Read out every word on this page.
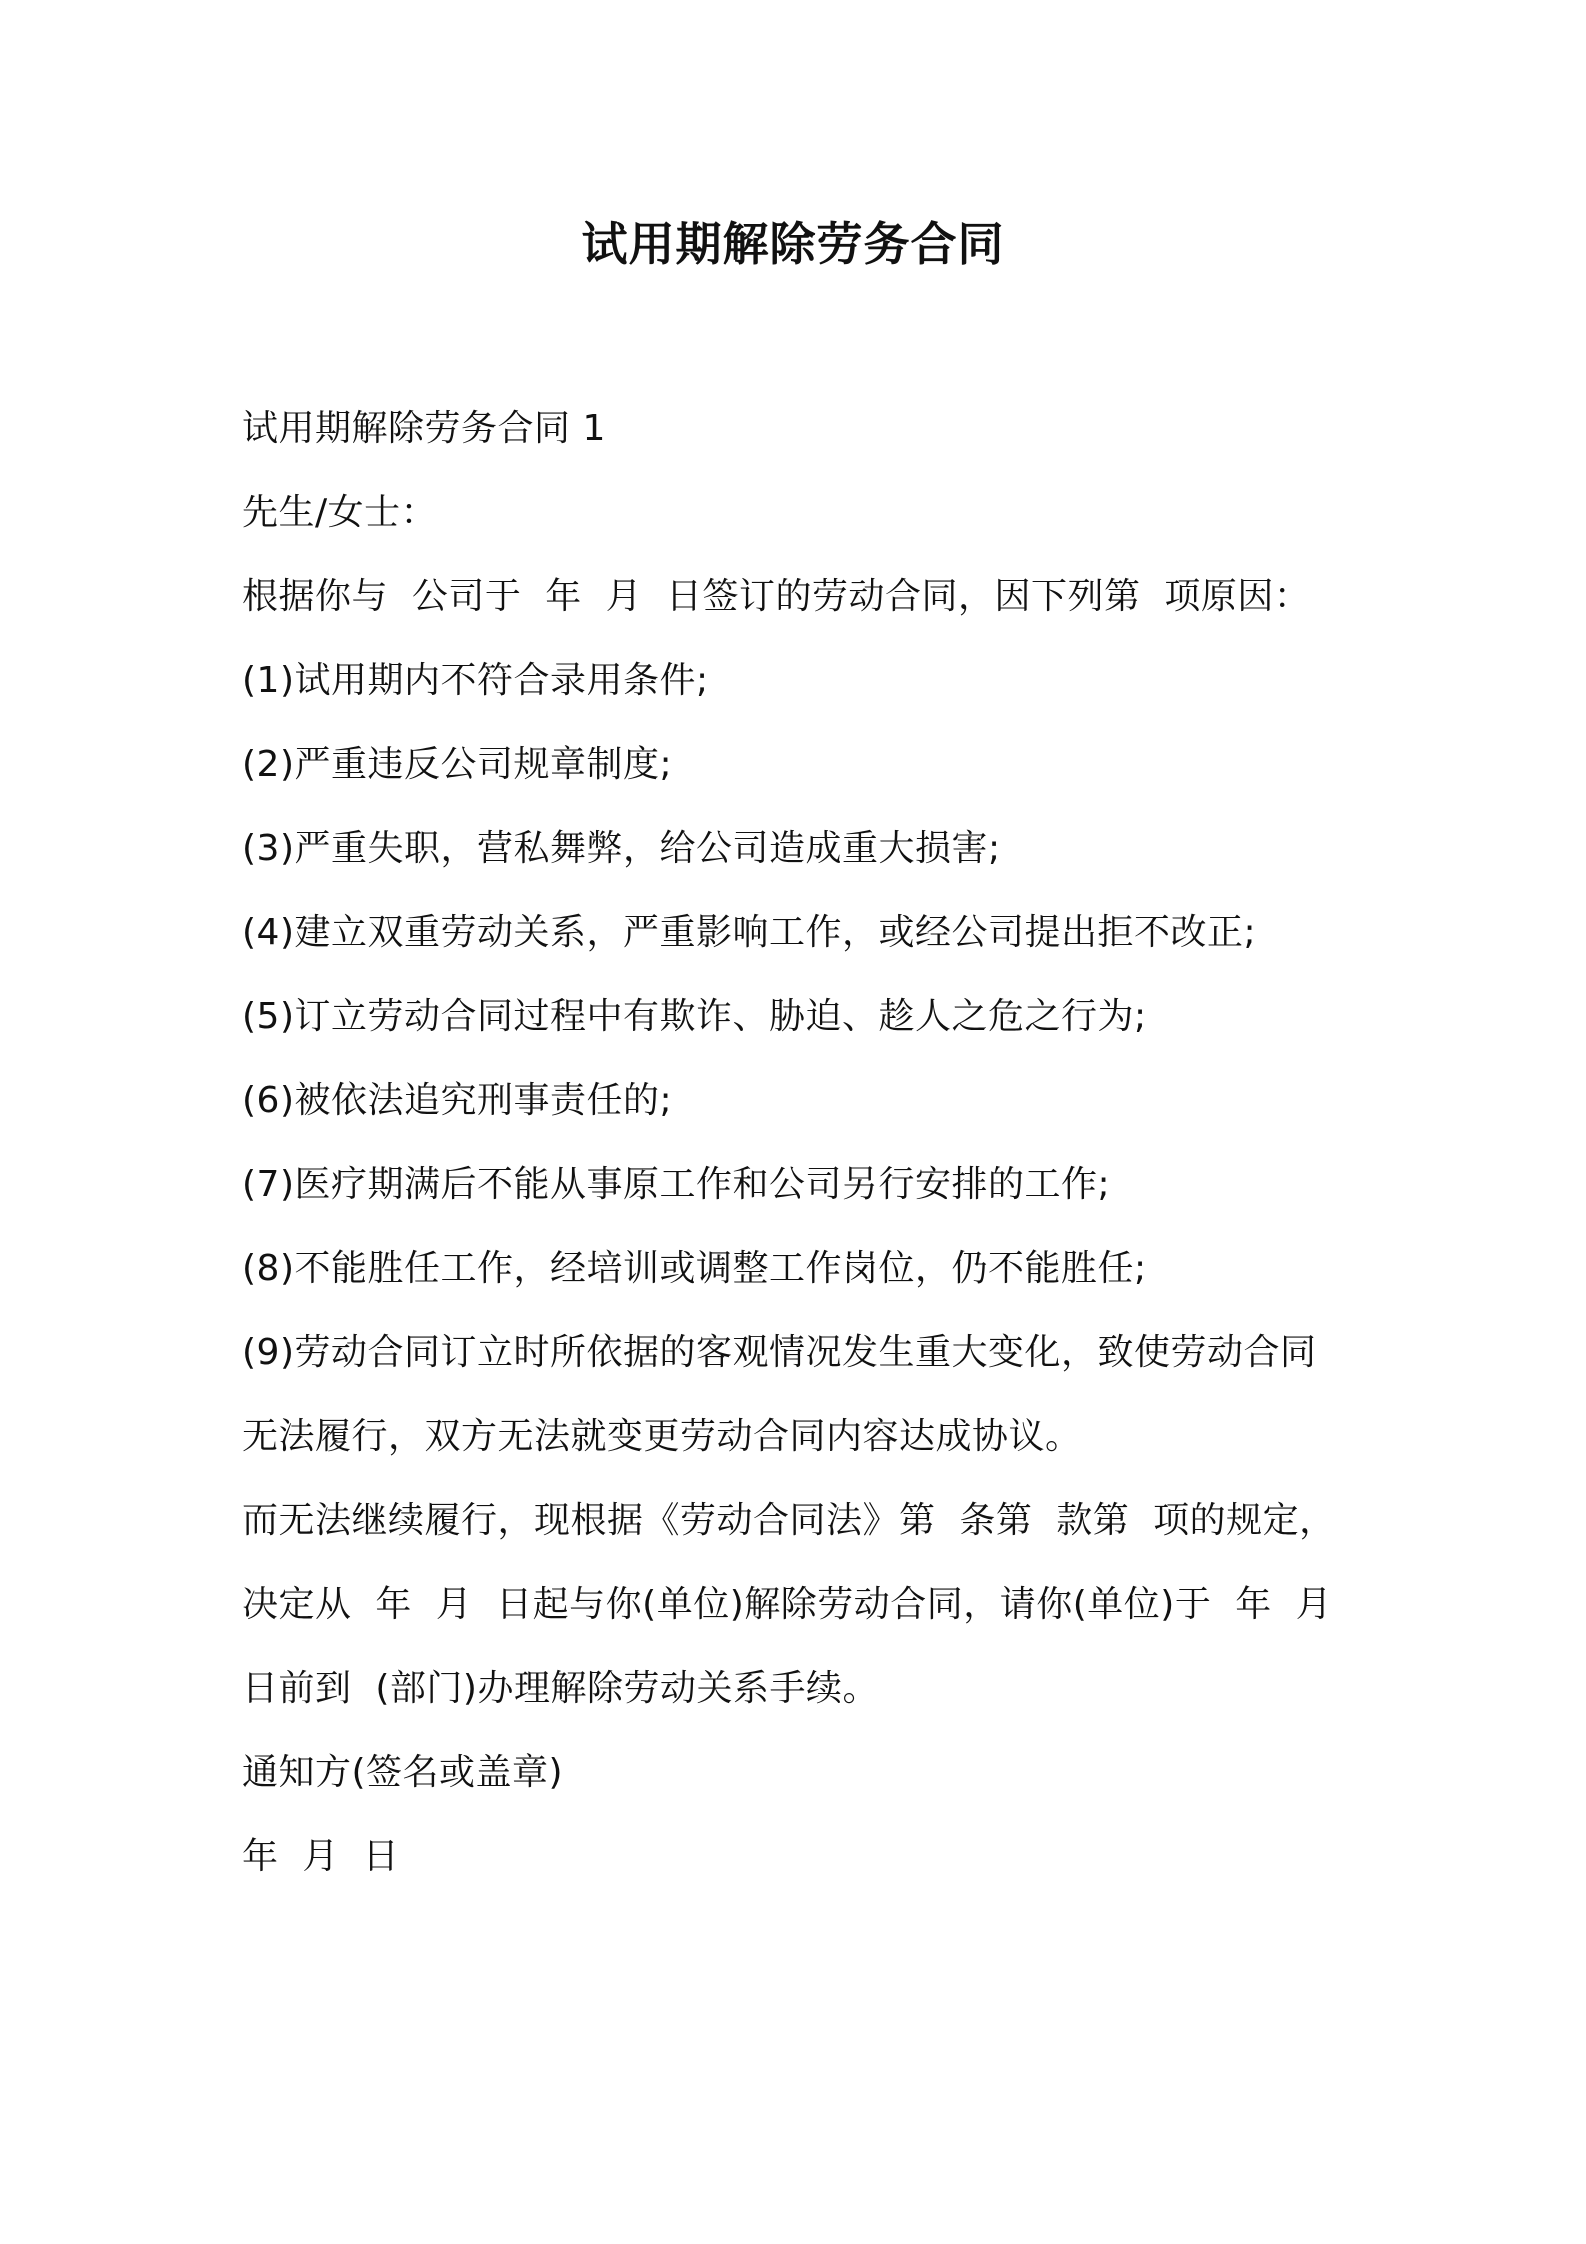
试用期解除劳务合同

试用期解除劳务合同 1

先生/女士：

根据你与  公司于  年  月  日签订的劳动合同，因下列第  项原因：

(1)试用期内不符合录用条件;

(2)严重违反公司规章制度;

(3)严重失职，营私舞弊，给公司造成重大损害;

(4)建立双重劳动关系，严重影响工作，或经公司提出拒不改正;

(5)订立劳动合同过程中有欺诈、胁迫、趁人之危之行为;

(6)被依法追究刑事责任的;

(7)医疗期满后不能从事原工作和公司另行安排的工作;

(8)不能胜任工作，经培训或调整工作岗位，仍不能胜任;

(9)劳动合同订立时所依据的客观情况发生重大变化，致使劳动合同

无法履行，双方无法就变更劳动合同内容达成协议。

而无法继续履行，现根据《劳动合同法》第  条第  款第  项的规定，

决定从  年  月  日起与你(单位)解除劳动合同，请你(单位)于  年  月

日前到  (部门)办理解除劳动关系手续。

通知方(签名或盖章)

年  月  日
